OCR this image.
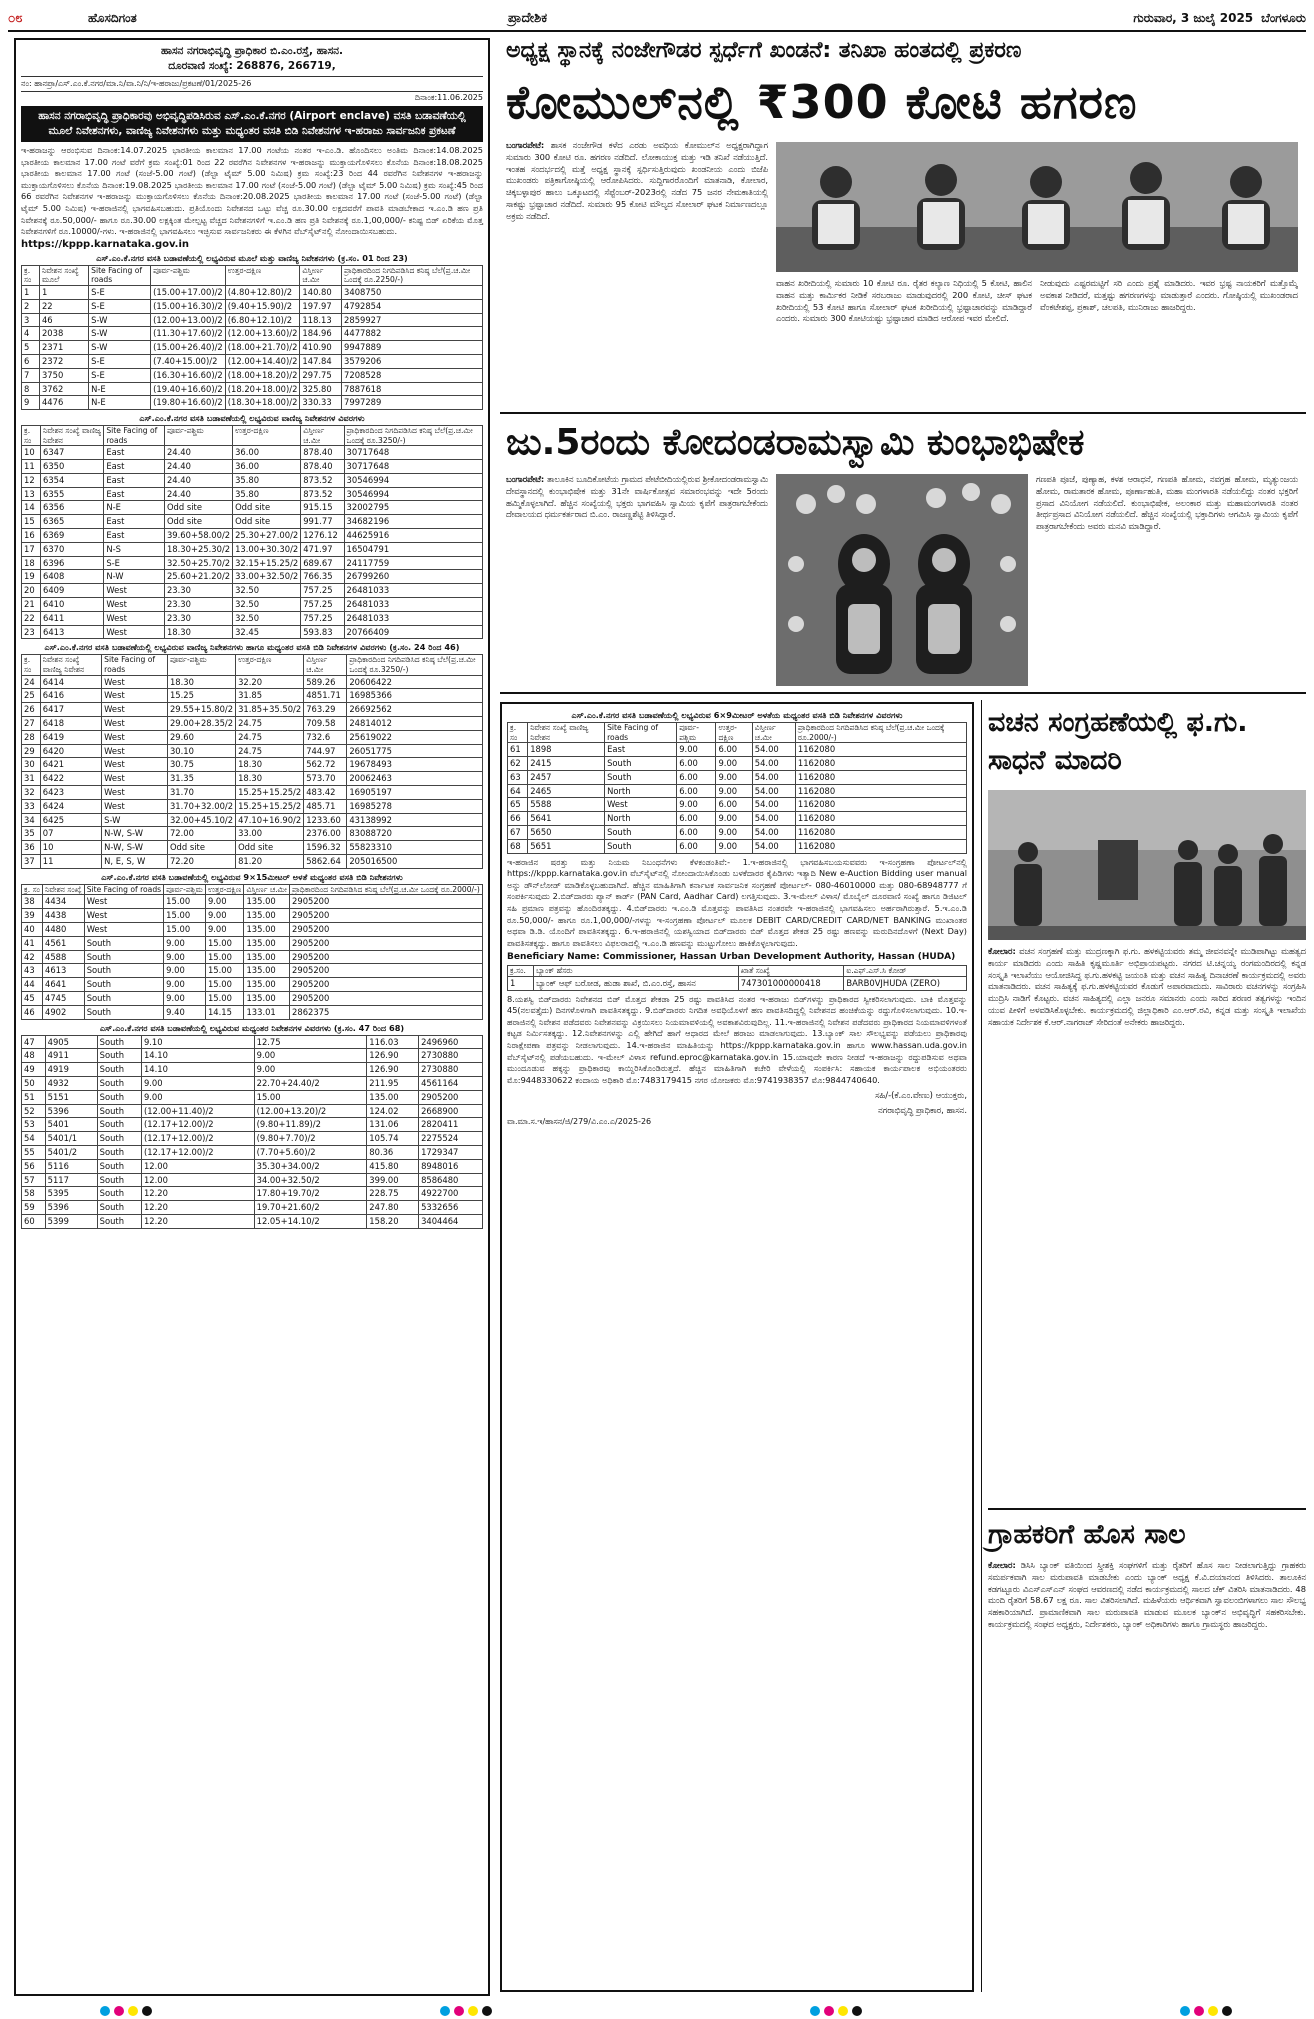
೦೮	ಹೊಸದಿಗಂತ	ಪ್ರಾದೇಶಿಕ	ಗುರುವಾರ, 3 ಜುಲೈ 2025 ಬೆಂಗಳೂರು
ಹಾಸನ ನಗರಾಭಿವೃದ್ಧಿ ಪ್ರಾಧಿಕಾರ ಬಿ.ಎಂ.ರಸ್ತೆ, ಹಾಸನ.
ದೂರವಾಣಿ ಸಂಖ್ಯೆ: 268876, 266719,
ನಂ: ಹಾನಪ್ರಾ/ಎಸ್.ಎಂ.ಕೆ.ನಗರ/ಮಾ.ನಿ/ವಾ.ನಿ/ನಿ/ಇ-ಹರಾಜು/ಪ್ರಕಟಣೆ/01/2025-26
ದಿನಾಂಕ:11.06.2025
ಹಾಸನ ನಗರಾಭಿವೃದ್ಧಿ ಪ್ರಾಧಿಕಾರವು ಅಭಿವೃದ್ಧಿಪಡಿಸಿರುವ ಎಸ್.ಎಂ.ಕೆ.ನಗರ (Airport enclave) ವಸತಿ ಬಡಾವಣೆಯಲ್ಲಿ ಮೂಲೆ ನಿವೇಶನಗಳು, ವಾಣಿಜ್ಯ ನಿವೇಶನಗಳು ಮತ್ತು ಮಧ್ಯಂತರ ವಸತಿ ಬಿಡಿ ನಿವೇಶನಗಳ ಇ-ಹರಾಜು ಸಾರ್ವಜನಿಕ ಪ್ರಕಟಣೆ
ಇ-ಹರಾಜನ್ನು ಆರಂಭಿಸುವ ದಿನಾಂಕ:14.07.2025 ಭಾರತೀಯ ಕಾಲಮಾನ 17.00 ಗಂಟೆಯ ನಂತರ ಇ-ಎಂ.ಡಿ. ಹೊಂದಿಸಲು ಅಂತಿಮ ದಿನಾಂಕ:14.08.2025 ಭಾರತೀಯ ಕಾಲಮಾನ 17.00 ಗಂಟೆ ವರೆಗೆ ಕ್ರಮ ಸಂಖ್ಯೆ:01 ರಿಂದ 22 ರವರೆಗಿನ ನಿವೇಶನಗಳ ಇ-ಹರಾಜನ್ನು ಮುಕ್ತಾಯಗೊಳಿಸಲು ಕೊನೆಯ ದಿನಾಂಕ:18.08.2025 ಭಾರತೀಯ ಕಾಲಮಾನ 17.00 ಗಂಟೆ (ಸಂಜೆ-5.00 ಗಂಟೆ) (ಡೆಲ್ಟಾ ಟೈಮ್ 5.00 ನಿಮಿಷ) ಕ್ರಮ ಸಂಖ್ಯೆ:23 ರಿಂದ 44 ರವರೆಗಿನ ನಿವೇಶನಗಳ ಇ-ಹರಾಜನ್ನು ಮುಕ್ತಾಯಗೊಳಿಸಲು ಕೊನೆಯ ದಿನಾಂಕ:19.08.2025 ಭಾರತೀಯ ಕಾಲಮಾನ 17.00 ಗಂಟೆ (ಸಂಜೆ-5.00 ಗಂಟೆ) (ಡೆಲ್ಟಾ ಟೈಮ್ 5.00 ನಿಮಿಷ) ಕ್ರಮ ಸಂಖ್ಯೆ:45 ರಿಂದ 66 ರವರೆಗಿನ ನಿವೇಶನಗಳ ಇ-ಹರಾಜನ್ನು ಮುಕ್ತಾಯಗೊಳಿಸಲು ಕೊನೆಯ ದಿನಾಂಕ:20.08.2025 ಭಾರತೀಯ ಕಾಲಮಾನ 17.00 ಗಂಟೆ (ಸಂಜೆ-5.00 ಗಂಟೆ) (ಡೆಲ್ಟಾ ಟೈಮ್ 5.00 ನಿಮಿಷ) ಇ-ಹರಾಜಿನಲ್ಲಿ ಭಾಗವಹಿಸಬಹುದು. ಪ್ರತಿಯೊಂದು ನಿವೇಶನದ ಒಟ್ಟು ವೆಚ್ಚ ರೂ.30.00 ಲಕ್ಷದವರೆಗೆ ಪಾವತಿ ಮಾಡಬೇಕಾದ ಇ.ಎಂ.ಡಿ ಹಣ ಪ್ರತಿ ನಿವೇಶನಕ್ಕೆ ರೂ.50,000/- ಹಾಗೂ ರೂ.30.00 ಲಕ್ಷಕ್ಕಿಂತ ಮೇಲ್ಪಟ್ಟ ವೆಚ್ಚದ ನಿವೇಶನಗಳಿಗೆ ಇ.ಎಂ.ಡಿ ಹಣ ಪ್ರತಿ ನಿವೇಶನಕ್ಕೆ ರೂ.1,00,000/- ಕನಿಷ್ಟ ಬಿಡ್ ಏರಿಕೆಯ ಮೊತ್ತ ನಿವೇಶನಗಳಿಗೆ ರೂ.10000/-ಗಳು. ಇ-ಹರಾಜಿನಲ್ಲಿ ಭಾಗವಹಿಸಲು ಇಚ್ಛಿಸುವ ಸಾರ್ವಜನಿಕರು ಈ ಕೆಳಗಿನ ವೆಬ್‌ಸೈಟ್‌ನಲ್ಲಿ ನೋಂದಾಯಿಸಬಹುದು.
https://kppp.karnataka.gov.in
ಎಸ್.ಎಂ.ಕೆ.ನಗರ ವಸತಿ ಬಡಾವಣೆಯಲ್ಲಿ ಲಭ್ಯವಿರುವ ಮೂಲೆ ಮತ್ತು ವಾಣಿಜ್ಯ ನಿವೇಶನಗಳು (ಕ್ರ.ಸಂ. 01 ರಿಂದ 23)
ಕ್ರ. ಸಂ	ನಿವೇಶನ ಸಂಖ್ಯೆ ಮೂಲೆ	Site Facing of roads	ಪೂರ್ವ-ಪಶ್ಚಿಮ	ಉತ್ತರ-ದಕ್ಷಿಣ	ವಿಸ್ತೀರ್ಣ ಚ.ಮೀ	ಪ್ರಾಧಿಕಾರದಿಂದ ನಿಗದಿಪಡಿಸಿದ ಕನಿಷ್ಠ ಬೆಲೆ(ಪ್ರ.ಚ.ಮೀ ಒಂದಕ್ಕೆ ರೂ.2250/-)
1	1	S-E	(15.00+17.00)/2	(4.80+12.80)/2	140.80	3408750
2	22	S-E	(15.00+16.30)/2	(9.40+15.90)/2	197.97	4792854
3	46	S-W	(12.00+13.00)/2	(6.80+12.10)/2	118.13	2859927
4	2038	S-W	(11.30+17.60)/2	(12.00+13.60)/2	184.96	4477882
5	2371	S-W	(15.00+26.40)/2	(18.00+21.70)/2	410.90	9947889
6	2372	S-E	(7.40+15.00)/2	(12.00+14.40)/2	147.84	3579206
7	3750	S-E	(16.30+16.60)/2	(18.00+18.20)/2	297.75	7208528
8	3762	N-E	(19.40+16.60)/2	(18.20+18.00)/2	325.80	7887618
9	4476	N-E	(19.80+16.60)/2	(18.30+18.00)/2	330.33	7997289
ಎಸ್.ಎಂ.ಕೆ.ನಗರ ವಸತಿ ಬಡಾವಣೆಯಲ್ಲಿ ಲಭ್ಯವಿರುವ ವಾಣಿಜ್ಯ ನಿವೇಶನಗಳ ವಿವರಗಳು
ಕ್ರ. ಸಂ	ನಿವೇಶನ ಸಂಖ್ಯೆ ವಾಣಿಜ್ಯ ನಿವೇಶನ	Site Facing of roads	ಪೂರ್ವ-ಪಶ್ಚಿಮ	ಉತ್ತರ-ದಕ್ಷಿಣ	ವಿಸ್ತೀರ್ಣ ಚ.ಮೀ	ಪ್ರಾಧಿಕಾರದಿಂದ ನಿಗದಿಪಡಿಸಿದ ಕನಿಷ್ಠ ಬೆಲೆ(ಪ್ರ.ಚ.ಮೀ ಒಂದಕ್ಕೆ ರೂ.3250/-)
10	6347	East	24.40	36.00	878.40	30717648
11	6350	East	24.40	36.00	878.40	30717648
12	6354	East	24.40	35.80	873.52	30546994
13	6355	East	24.40	35.80	873.52	30546994
14	6356	N-E	Odd site	Odd site	915.15	32002795
15	6365	East	Odd site	Odd site	991.77	34682196
16	6369	East	39.60+58.00/2	25.30+27.00/2	1276.12	44625916
17	6370	N-S	18.30+25.30/2	13.00+30.30/2	471.97	16504791
18	6396	S-E	32.50+25.70/2	32.15+15.25/2	689.67	24117759
19	6408	N-W	25.60+21.20/2	33.00+32.50/2	766.35	26799260
20	6409	West	23.30	32.50	757.25	26481033
21	6410	West	23.30	32.50	757.25	26481033
22	6411	West	23.30	32.50	757.25	26481033
23	6413	West	18.30	32.45	593.83	20766409
ಎಸ್.ಎಂ.ಕೆ.ನಗರ ವಸತಿ ಬಡಾವಣೆಯಲ್ಲಿ ಲಭ್ಯವಿರುವ ವಾಣಿಜ್ಯ ನಿವೇಶನಗಳು ಹಾಗೂ ಮಧ್ಯಂತರ ವಸತಿ ಬಿಡಿ ನಿವೇಶನಗಳ ವಿವರಗಳು (ಕ್ರ.ಸಂ. 24 ರಿಂದ 46)
ಕ್ರ. ಸಂ	ನಿವೇಶನ ಸಂಖ್ಯೆ ವಾಣಿಜ್ಯ ನಿವೇಶನ	Site Facing of roads	ಪೂರ್ವ-ಪಶ್ಚಿಮ	ಉತ್ತರ-ದಕ್ಷಿಣ	ವಿಸ್ತೀರ್ಣ ಚ.ಮೀ	ಪ್ರಾಧಿಕಾರದಿಂದ ನಿಗದಿಪಡಿಸಿದ ಕನಿಷ್ಠ ಬೆಲೆ(ಪ್ರ.ಚ.ಮೀ ಒಂದಕ್ಕೆ ರೂ.3250/-)
24	6414	West	18.30	32.20	589.26	20606422
25	6416	West	15.25	31.85	4851.71	16985366
26	6417	West	29.55+15.80/2	31.85+35.50/2	763.29	26692562
27	6418	West	29.00+28.35/2	24.75	709.58	24814012
28	6419	West	29.60	24.75	732.6	25619022
29	6420	West	30.10	24.75	744.97	26051775
30	6421	West	30.75	18.30	562.72	19678493
31	6422	West	31.35	18.30	573.70	20062463
32	6423	West	31.70	15.25+15.25/2	483.42	16905197
33	6424	West	31.70+32.00/2	15.25+15.25/2	485.71	16985278
34	6425	S-W	32.00+45.10/2	47.10+16.90/2	1233.60	43138992
35	07	N-W, S-W	72.00	33.00	2376.00	83088720
36	10	N-W, S-W	Odd site	Odd site	1596.32	55823310
37	11	N, E, S, W	72.20	81.20	5862.64	205016500
ಎಸ್.ಎಂ.ಕೆ.ನಗರ ವಸತಿ ಬಡಾವಣೆಯಲ್ಲಿ ಲಭ್ಯವಿರುವ 9×15ಮೀಟರ್ ಅಳತೆ ಮಧ್ಯಂತರ ವಸತಿ ಬಿಡಿ ನಿವೇಶನಗಳು
ಕ್ರ. ಸಂ	ನಿವೇಶನ ಸಂಖ್ಯೆ	Site Facing of roads	ಪೂರ್ವ-ಪಶ್ಚಿಮ	ಉತ್ತರ-ದಕ್ಷಿಣ	ವಿಸ್ತೀರ್ಣ ಚ.ಮೀ	ಪ್ರಾಧಿಕಾರದಿಂದ ನಿಗದಿಪಡಿಸಿದ ಕನಿಷ್ಠ ಬೆಲೆ(ಪ್ರ.ಚ.ಮೀ ಒಂದಕ್ಕೆ ರೂ.2000/-)
38	4434	West	15.00	9.00	135.00	2905200
39	4438	West	15.00	9.00	135.00	2905200
40	4480	West	15.00	9.00	135.00	2905200
41	4561	South	9.00	15.00	135.00	2905200
42	4588	South	9.00	15.00	135.00	2905200
43	4613	South	9.00	15.00	135.00	2905200
44	4641	South	9.00	15.00	135.00	2905200
45	4745	South	9.00	15.00	135.00	2905200
46	4902	South	9.40	14.15	133.01	2862375
ಎಸ್.ಎಂ.ಕೆ.ನಗರ ವಸತಿ ಬಡಾವಣೆಯಲ್ಲಿ ಲಭ್ಯವಿರುವ ಮಧ್ಯಂತರ ನಿವೇಶನಗಳ ವಿವರಗಳು (ಕ್ರ.ಸಂ. 47 ರಿಂದ 68)
47	4905	South	9.10	12.75	116.03	2496960
48	4911	South	14.10	9.00	126.90	2730880
49	4919	South	14.10	9.00	126.90	2730880
50	4932	South	9.00	22.70+24.40/2	211.95	4561164
51	5151	South	9.00	15.00	135.00	2905200
52	5396	South	(12.00+11.40)/2	(12.00+13.20)/2	124.02	2668900
53	5401	South	(12.17+12.00)/2	(9.80+11.89)/2	131.06	2820411
54	5401/1	South	(12.17+12.00)/2	(9.80+7.70)/2	105.74	2275524
55	5401/2	South	(12.17+12.00)/2	(7.70+5.60)/2	80.36	1729347
56	5116	South	12.00	35.30+34.00/2	415.80	8948016
57	5117	South	12.00	34.00+32.50/2	399.00	8586480
58	5395	South	12.20	17.80+19.70/2	228.75	4922700
59	5396	South	12.20	19.70+21.60/2	247.80	5332656
60	5399	South	12.20	12.05+14.10/2	158.20	3404464
ಅಧ್ಯಕ್ಷ ಸ್ಥಾನಕ್ಕೆ ನಂಜೇಗೌಡರ ಸ್ಪರ್ಧೆಗೆ ಖಂಡನೆ: ತನಿಖಾ ಹಂತದಲ್ಲಿ ಪ್ರಕರಣ
ಕೋಮುಲ್‌ನಲ್ಲಿ ₹300 ಕೋಟಿ ಹಗರಣ
ಬಂಗಾರಪೇಟೆ: ಶಾಸಕ ನಂಜೇಗೌಡ ಕಳೆದ ಎರಡು ಅವಧಿಯ ಕೋಮುಲ್‌ನ ಅಧ್ಯಕ್ಷರಾಗಿದ್ದಾಗ ಸುಮಾರು 300 ಕೋಟಿ ರೂ. ಹಗರಣ ನಡೆದಿದೆ. ಲೋಕಾಯುಕ್ತ ಮತ್ತು ಇಡಿ ತನಿಖೆ ನಡೆಯುತ್ತಿದೆ. ಇಂತಹ ಸಂದರ್ಭದಲ್ಲಿ ಮತ್ತೆ ಅಧ್ಯಕ್ಷ ಸ್ಥಾನಕ್ಕೆ ಸ್ಪರ್ಧಿಸುತ್ತಿರುವುದು ಖಂಡನೀಯ ಎಂದು ಬಿಜೆಪಿ ಮುಖಂಡರು ಪತ್ರಿಕಾಗೋಷ್ಠಿಯಲ್ಲಿ ಆರೋಪಿಸಿದರು. ಸುದ್ದಿಗಾರರೊಂದಿಗೆ ಮಾತನಾಡಿ, ಕೋಲಾರ, ಚಿಕ್ಕಬಳ್ಳಾಪುರ ಹಾಲು ಒಕ್ಕೂಟದಲ್ಲಿ ಸೆಪ್ಟೆಂಬರ್-2023ರಲ್ಲಿ ನಡೆದ 75 ಜನರ ನೇಮಕಾತಿಯಲ್ಲಿ ಸಾಕಷ್ಟು ಭ್ರಷ್ಟಾಚಾರ ನಡೆದಿದೆ. ಸುಮಾರು 95 ಕೋಟಿ ಮೌಲ್ಯದ ಸೋಲಾರ್ ಘಟಕ ನಿರ್ಮಾಣದಲ್ಲೂ ಅಕ್ರಮ ನಡೆದಿದೆ.
ವಾಹನ ಖರೀದಿಯಲ್ಲಿ ಸುಮಾರು 10 ಕೋಟಿ ರೂ. ರೈತರ ಕಲ್ಯಾಣ ನಿಧಿಯಲ್ಲಿ 5 ಕೋಟಿ, ಹಾಲಿನ ವಾಹನ ಮತ್ತು ಕಾರ್ಮಿಕರ ನೀಡಿಕೆ ಸರಬರಾಜು ಮಾಡುವುದರಲ್ಲಿ 200 ಕೋಟಿ, ಚೀಸ್ ಘಟಕ ಖರೀದಿಯಲ್ಲಿ 53 ಕೋಟಿ ಹಾಗೂ ಸೋಲಾರ್ ಘಟಕ ಖರೀದಿಯಲ್ಲಿ ಭ್ರಷ್ಟಾಚಾರವನ್ನು ಮಾಡಿದ್ದಾರೆ ಎಂದರು. ಸುಮಾರು 300 ಕೋಟಿಯಷ್ಟು ಭ್ರಷ್ಟಾಚಾರ ಮಾಡಿದ ಆರೋಪ ಇವರ ಮೇಲಿದೆ.
ನೀಡುವುದು ಎಷ್ಟರಮಟ್ಟಿಗೆ ಸರಿ ಎಂದು ಪ್ರಶ್ನೆ ಮಾಡಿದರು. ಇವರ ಭ್ರಷ್ಟ ನಾಯಕರಿಗೆ ಮತ್ತೊಮ್ಮೆ ಅವಕಾಶ ನೀಡಿದರೆ, ಮತ್ತಷ್ಟು ಹಗರಣಗಳನ್ನು ಮಾಡುತ್ತಾರೆ ಎಂದರು. ಗೋಷ್ಠಿಯಲ್ಲಿ ಮುಖಂಡರಾದ ವೆಂಕಟೇಶಪ್ಪ, ಪ್ರಕಾಶ್, ಚಲಪತಿ, ಮುನಿರಾಜು ಹಾಜರಿದ್ದರು.
ಜು.5ರಂದು ಕೋದಂಡರಾಮಸ್ವಾಮಿ ಕುಂಭಾಭಿಷೇಕ
ಬಂಗಾರಪೇಟೆ: ತಾಲೂಕಿನ ಬೂದಿಕೋಟೆಯ ಗ್ರಾಮದ ಪೇಟೆಬೀದಿಯಲ್ಲಿರುವ ಶ್ರೀಕೋದಂಡರಾಮಸ್ವಾಮಿ ದೇವಸ್ಥಾನದಲ್ಲಿ ಕುಂಭಾಭಿಷೇಕ ಮತ್ತು 31ನೇ ವಾರ್ಷಿಕೋತ್ಸವ ಸಮಾರಂಭವನ್ನು ಇದೇ 5ರಂದು ಹಮ್ಮಿಕೊಳ್ಳಲಾಗಿದೆ. ಹೆಚ್ಚಿನ ಸಂಖ್ಯೆಯಲ್ಲಿ ಭಕ್ತರು ಭಾಗವಹಿಸಿ ಸ್ವಾಮಿಯ ಕೃಪೆಗೆ ಪಾತ್ರರಾಗಬೇಕೆಂದು ದೇವಾಲಯದ ಧರ್ಮಕರ್ತರಾದ ಬಿ.ಎಂ. ರಾಜಣ್ಣಶೆಟ್ಟಿ ತಿಳಿಸಿದ್ದಾರೆ.
ಗಣಪತಿ ಪೂಜೆ, ಪುಣ್ಯಾಹ, ಕಳಶ ಆರಾಧನೆ, ಗಣಪತಿ ಹೋಮ, ನವಗ್ರಹ ಹೋಮ, ಮೃತ್ಯುಂಜಯ ಹೋಮ, ರಾಮತಾರಕ ಹೋಮ, ಪೂರ್ಣಾಹುತಿ, ಮಹಾ ಮಂಗಳಾರತಿ ನಡೆಯಲಿದ್ದು ನಂತರ ಭಕ್ತರಿಗೆ ಪ್ರಸಾದ ವಿನಿಯೋಗ ನಡೆಯಲಿದೆ. ಕುಂಭಾಭಿಷೇಕ, ಅಲಂಕಾರ ಮತ್ತು ಮಹಾಮಂಗಳಾರತಿ ನಂತರ ತೀರ್ಥಪ್ರಸಾದ ವಿನಿಯೋಗ ನಡೆಯಲಿದೆ. ಹೆಚ್ಚಿನ ಸಂಖ್ಯೆಯಲ್ಲಿ ಭಕ್ತಾದಿಗಳು ಆಗಮಿಸಿ ಸ್ವಾಮಿಯ ಕೃಪೆಗೆ ಪಾತ್ರರಾಗಬೇಕೆಂದು ಅವರು ಮನವಿ ಮಾಡಿದ್ದಾರೆ.
ಎಸ್.ಎಂ.ಕೆ.ನಗರ ವಸತಿ ಬಡಾವಣೆಯಲ್ಲಿ ಲಭ್ಯವಿರುವ 6×9ಮೀಟರ್ ಅಳತೆಯ ಮಧ್ಯಂತರ ವಸತಿ ಬಿಡಿ ನಿವೇಶನಗಳ ವಿವರಗಳು
ಕ್ರ. ಸಂ	ನಿವೇಶನ ಸಂಖ್ಯೆ ವಾಣಿಜ್ಯ ನಿವೇಶನ	Site Facing of roads	ಪೂರ್ವ-ಪಶ್ಚಿಮ	ಉತ್ತರ-ದಕ್ಷಿಣ	ವಿಸ್ತೀರ್ಣ ಚ.ಮೀ	ಪ್ರಾಧಿಕಾರದಿಂದ ನಿಗದಿಪಡಿಸಿದ ಕನಿಷ್ಠ ಬೆಲೆ(ಪ್ರ.ಚ.ಮೀ ಒಂದಕ್ಕೆ ರೂ.2000/-)
61	1898	East	9.00	6.00	54.00	1162080
62	2415	South	6.00	9.00	54.00	1162080
63	2457	South	6.00	9.00	54.00	1162080
64	2465	North	6.00	9.00	54.00	1162080
65	5588	West	9.00	6.00	54.00	1162080
66	5641	North	6.00	9.00	54.00	1162080
67	5650	South	6.00	9.00	54.00	1162080
68	5651	South	6.00	9.00	54.00	1162080
ಇ-ಹರಾಜಿನ ಷರತ್ತು ಮತ್ತು ನಿಯಮ ನಿಬಂಧನೆಗಳು ಕೆಳಕಂಡಂತಿವೆ:- 1.ಇ-ಹರಾಜಿನಲ್ಲಿ ಭಾಗವಹಿಸಬಯಸುವವರು ಇ-ಸಂಗ್ರಹಣಾ ಪೋರ್ಟಲ್‌ನಲ್ಲಿ https://kppp.karnataka.gov.in ವೆಬ್‌ಸೈಟ್‌ನಲ್ಲಿ ನೋಂದಾಯಿಸಿಕೊಂಡು ಬಳಕೆದಾರರ ಕೈಪಿಡಿಗಳು ಇತ್ಯಾದಿ New e-Auction Bidding user manual ಅನ್ನು ಡೌನ್‌ಲೋಡ್ ಮಾಡಿಕೊಳ್ಳಬಹುದಾಗಿದೆ. ಹೆಚ್ಚಿನ ಮಾಹಿತಿಗಾಗಿ ಕರ್ನಾಟಕ ಸಾರ್ವಜನಿಕ ಸಂಗ್ರಹಣೆ ಪೋರ್ಟಲ್- 080-46010000 ಮತ್ತು 080-68948777 ಗೆ ಸಂಪರ್ಕಿಸುವುದು 2.ಬಿಡ್‌ದಾರರು ಪ್ಯಾನ್ ಕಾರ್ಡ್ (PAN Card, Aadhar Card) ಲಗತ್ತಿಸುವುದು. 3.ಇ-ಮೇಲ್ ವಿಳಾಸ/ ಮೊಬೈಲ್ ದೂರವಾಣಿ ಸಂಖ್ಯೆ ಹಾಗೂ ಡಿಜಿಟಲ್ ಸಹಿ ಪ್ರಮಾಣ ಪತ್ರವನ್ನು ಹೊಂದಿರತಕ್ಕದ್ದು. 4.ಬಿಡ್‌ದಾರರು ಇ.ಎಂ.ಡಿ ಮೊತ್ತವನ್ನು ಪಾವತಿಸಿದ ನಂತರವೇ ಇ-ಹರಾಜಿನಲ್ಲಿ ಭಾಗವಹಿಸಲು ಅರ್ಹರಾಗಿರುತ್ತಾರೆ. 5.ಇ.ಎಂ.ಡಿ ರೂ.50,000/- ಹಾಗೂ ರೂ.1,00,000/-ಗಳನ್ನು ಇ-ಸಂಗ್ರಹಣಾ ಪೋರ್ಟಲ್ ಮೂಲಕ DEBIT CARD/CREDIT CARD/NET BANKING ಮುಖಾಂತರ ಅಥವಾ ಡಿ.ಡಿ. ಯೊಂದಿಗೆ ಪಾವತಿಸತಕ್ಕದ್ದು. 6.ಇ-ಹರಾಜಿನಲ್ಲಿ ಯಶಸ್ವಿಯಾದ ಬಿಡ್‌ದಾರರು ಬಿಡ್ ಮೊತ್ತದ ಶೇಕಡ 25 ರಷ್ಟು ಹಣವನ್ನು ಮರುದಿನದೊಳಗೆ (Next Day) ಪಾವತಿಸತಕ್ಕದ್ದು. ಹಾಗೂ ಪಾವತಿಸಲು ವಿಫಲರಾದಲ್ಲಿ ಇ.ಎಂ.ಡಿ ಹಣವನ್ನು ಮುಟ್ಟುಗೋಲು ಹಾಕಿಕೊಳ್ಳಲಾಗುವುದು.
Beneficiary Name: Commissioner, Hassan Urban Development Authority, Hassan (HUDA)
ಕ್ರ.ಸಂ.	ಬ್ಯಾಂಕ್ ಹೆಸರು	ಖಾತೆ ಸಂಖ್ಯೆ	ಐ.ಎಫ್.ಎಸ್.ಸಿ ಕೋಡ್
1	ಬ್ಯಾಂಕ್ ಆಫ್ ಬರೋಡ, ಹುಡಾ ಶಾಖೆ, ಬಿ.ಎಂ.ರಸ್ತೆ, ಹಾಸನ	747301000000418	BARB0VJHUDA (ZERO)
8.ಯಶಸ್ವಿ ಬಿಡ್‌ದಾರರು ನಿವೇಶನದ ಬಿಡ್ ಮೊತ್ತದ ಶೇಕಡಾ 25 ರಷ್ಟು ಪಾವತಿಸಿದ ನಂತರ ಇ-ಹರಾಜು ಬಿಡ್‌ಗಳನ್ನು ಪ್ರಾಧಿಕಾರದ ಸ್ವೀಕರಿಸಲಾಗುವುದು. ಬಾಕಿ ಮೊತ್ತವನ್ನು 45(ನಲವತ್ತೈದು) ದಿನಗಳೊಳಗಾಗಿ ಪಾವತಿಸತಕ್ಕದ್ದು. 9.ಬಿಡ್‌ದಾರರು ನಿಗದಿತ ಅವಧಿಯೊಳಗೆ ಹಣ ಪಾವತಿಸದಿದ್ದಲ್ಲಿ ನಿವೇಶನದ ಹಂಚಿಕೆಯನ್ನು ರದ್ದುಗೊಳಿಸಲಾಗುವುದು. 10.ಇ-ಹರಾಜಿನಲ್ಲಿ ನಿವೇಶನ ಪಡೆದವರು ನಿವೇಶನವನ್ನು ವಿಕ್ರಯಿಸಲು ನಿಯಮಾವಳಿಯಲ್ಲಿ ಅವಕಾಶವಿರುವುದಿಲ್ಲ. 11.ಇ-ಹರಾಜಿನಲ್ಲಿ ನಿವೇಶನ ಪಡೆದವರು ಪ್ರಾಧಿಕಾರದ ನಿಯಮಾವಳಿಗಳಂತೆ ಕಟ್ಟಡ ನಿರ್ಮಿಸತಕ್ಕದ್ದು. 12.ನಿವೇಶನಗಳನ್ನು ಎಲ್ಲಿ ಹೇಗಿದೆ ಹಾಗೆ ಆಧಾರದ ಮೇಲೆ ಹರಾಜು ಮಾಡಲಾಗುವುದು. 13.ಬ್ಯಾಂಕ್ ಸಾಲ ಸೌಲಭ್ಯವನ್ನು ಪಡೆಯಲು ಪ್ರಾಧಿಕಾರವು ನಿರಾಕ್ಷೇಪಣಾ ಪತ್ರವನ್ನು ನೀಡಲಾಗುವುದು. 14.ಇ-ಹರಾಜಿನ ಮಾಹಿತಿಯನ್ನು https://kppp.karnataka.gov.in ಹಾಗೂ www.hassan.uda.gov.in ವೆಬ್‌ಸೈಟ್‌ನಲ್ಲಿ ಪಡೆಯಬಹುದು. ಇ-ಮೇಲ್ ವಿಳಾಸ refund.eproc@karnataka.gov.in 15.ಯಾವುದೇ ಕಾರಣ ನೀಡದೆ ಇ-ಹರಾಜನ್ನು ರದ್ದುಪಡಿಸುವ ಅಥವಾ ಮುಂದೂಡುವ ಹಕ್ಕನ್ನು ಪ್ರಾಧಿಕಾರವು ಕಾಯ್ದಿರಿಸಿಕೊಂಡಿರುತ್ತದೆ. ಹೆಚ್ಚಿನ ಮಾಹಿತಿಗಾಗಿ ಕಚೇರಿ ವೇಳೆಯಲ್ಲಿ ಸಂಪರ್ಕಿಸಿ: ಸಹಾಯಕ ಕಾರ್ಯಪಾಲಕ ಅಭಿಯಂತರರು ಮೊ:9448330622 ಕಂದಾಯ ಅಧಿಕಾರಿ ಮೊ:7483179415 ನಗರ ಯೋಜಕರು ಮೊ:9741938357 ಮೊ:9844740640.
ಸಹಿ/-(ಕೆ.ಎಂ.ವೇಣು) ಆಯುಕ್ತರು,
ನಗರಾಭಿವೃದ್ಧಿ ಪ್ರಾಧಿಕಾರ, ಹಾಸನ.
ವಾ.ಮಾ.ಸ.ಇ/ಹಾಸನ/ಜಿ/279/ವಿ.ಎಂ.ಎ/2025-26
ವಚನ ಸಂಗ್ರಹಣೆಯಲ್ಲಿ ಫ.ಗು. ಸಾಧನೆ ಮಾದರಿ
ಕೋಲಾರ: ವಚನ ಸಂಗ್ರಹಣೆ ಮತ್ತು ಮುದ್ರಣಕ್ಕಾಗಿ ಫ.ಗು. ಹಳಕಟ್ಟಿಯವರು ತಮ್ಮ ಜೀವನವನ್ನೇ ಮುಡಿಪಾಗಿಟ್ಟು ಮಹತ್ವದ ಕಾರ್ಯ ಮಾಡಿದರು ಎಂದು ಸಾಹಿತಿ ಕೃಷ್ಣಮೂರ್ತಿ ಅಭಿಪ್ರಾಯಪಟ್ಟರು. ನಗರದ ಟಿ.ಚನ್ನಯ್ಯ ರಂಗಮಂದಿರದಲ್ಲಿ ಕನ್ನಡ ಸಂಸ್ಕೃತಿ ಇಲಾಖೆಯು ಆಯೋಜಿಸಿದ್ದ ಫ.ಗು.ಹಳಕಟ್ಟಿ ಜಯಂತಿ ಮತ್ತು ವಚನ ಸಾಹಿತ್ಯ ದಿನಾಚರಣೆ ಕಾರ್ಯಕ್ರಮದಲ್ಲಿ ಅವರು ಮಾತನಾಡಿದರು. ವಚನ ಸಾಹಿತ್ಯಕ್ಕೆ ಫ.ಗು.ಹಳಕಟ್ಟಿಯವರ ಕೊಡುಗೆ ಅಪಾರವಾದುದು. ಸಾವಿರಾರು ವಚನಗಳನ್ನು ಸಂಗ್ರಹಿಸಿ ಮುದ್ರಿಸಿ ನಾಡಿಗೆ ಕೊಟ್ಟರು. ವಚನ ಸಾಹಿತ್ಯದಲ್ಲಿ ಎಲ್ಲಾ ಜನರೂ ಸಮಾನರು ಎಂದು ಸಾರಿದ ಶರಣರ ತತ್ವಗಳನ್ನು ಇಂದಿನ ಯುವ ಪೀಳಿಗೆ ಅಳವಡಿಸಿಕೊಳ್ಳಬೇಕು. ಕಾರ್ಯಕ್ರಮದಲ್ಲಿ ಜಿಲ್ಲಾಧಿಕಾರಿ ಎಂ.ಆರ್.ರವಿ, ಕನ್ನಡ ಮತ್ತು ಸಂಸ್ಕೃತಿ ಇಲಾಖೆಯ ಸಹಾಯಕ ನಿರ್ದೇಶಕ ಕೆ.ಆರ್.ನಾಗರಾಜ್ ಸೇರಿದಂತೆ ಅನೇಕರು ಹಾಜರಿದ್ದರು.
ಗ್ರಾಹಕರಿಗೆ ಹೊಸ ಸಾಲ
ಕೋಲಾರ: ಡಿಸಿಸಿ ಬ್ಯಾಂಕ್ ವತಿಯಿಂದ ಸ್ತ್ರೀಶಕ್ತಿ ಸಂಘಗಳಿಗೆ ಮತ್ತು ರೈತರಿಗೆ ಹೊಸ ಸಾಲ ನೀಡಲಾಗುತ್ತಿದ್ದು ಗ್ರಾಹಕರು ಸಮರ್ಪಕವಾಗಿ ಸಾಲ ಮರುಪಾವತಿ ಮಾಡಬೇಕು ಎಂದು ಬ್ಯಾಂಕ್ ಅಧ್ಯಕ್ಷ ಕೆ.ವಿ.ದಯಾನಂದ ತಿಳಿಸಿದರು. ತಾಲೂಕಿನ ಕಡಗಟ್ಟೂರು ವಿಎಸ್‌ಎಸ್‌ಎನ್ ಸಂಘದ ಆವರಣದಲ್ಲಿ ನಡೆದ ಕಾರ್ಯಕ್ರಮದಲ್ಲಿ ಸಾಲದ ಚೆಕ್ ವಿತರಿಸಿ ಮಾತನಾಡಿದರು. 48 ಮಂದಿ ರೈತರಿಗೆ 58.67 ಲಕ್ಷ ರೂ. ಸಾಲ ವಿತರಿಸಲಾಗಿದೆ. ಮಹಿಳೆಯರು ಆರ್ಥಿಕವಾಗಿ ಸ್ವಾವಲಂಬಿಗಳಾಗಲು ಸಾಲ ಸೌಲಭ್ಯ ಸಹಕಾರಿಯಾಗಿದೆ. ಪ್ರಾಮಾಣಿಕವಾಗಿ ಸಾಲ ಮರುಪಾವತಿ ಮಾಡುವ ಮೂಲಕ ಬ್ಯಾಂಕ್‌ನ ಅಭಿವೃದ್ಧಿಗೆ ಸಹಕರಿಸಬೇಕು. ಕಾರ್ಯಕ್ರಮದಲ್ಲಿ ಸಂಘದ ಅಧ್ಯಕ್ಷರು, ನಿರ್ದೇಶಕರು, ಬ್ಯಾಂಕ್ ಅಧಿಕಾರಿಗಳು ಹಾಗೂ ಗ್ರಾಮಸ್ಥರು ಹಾಜರಿದ್ದರು.
